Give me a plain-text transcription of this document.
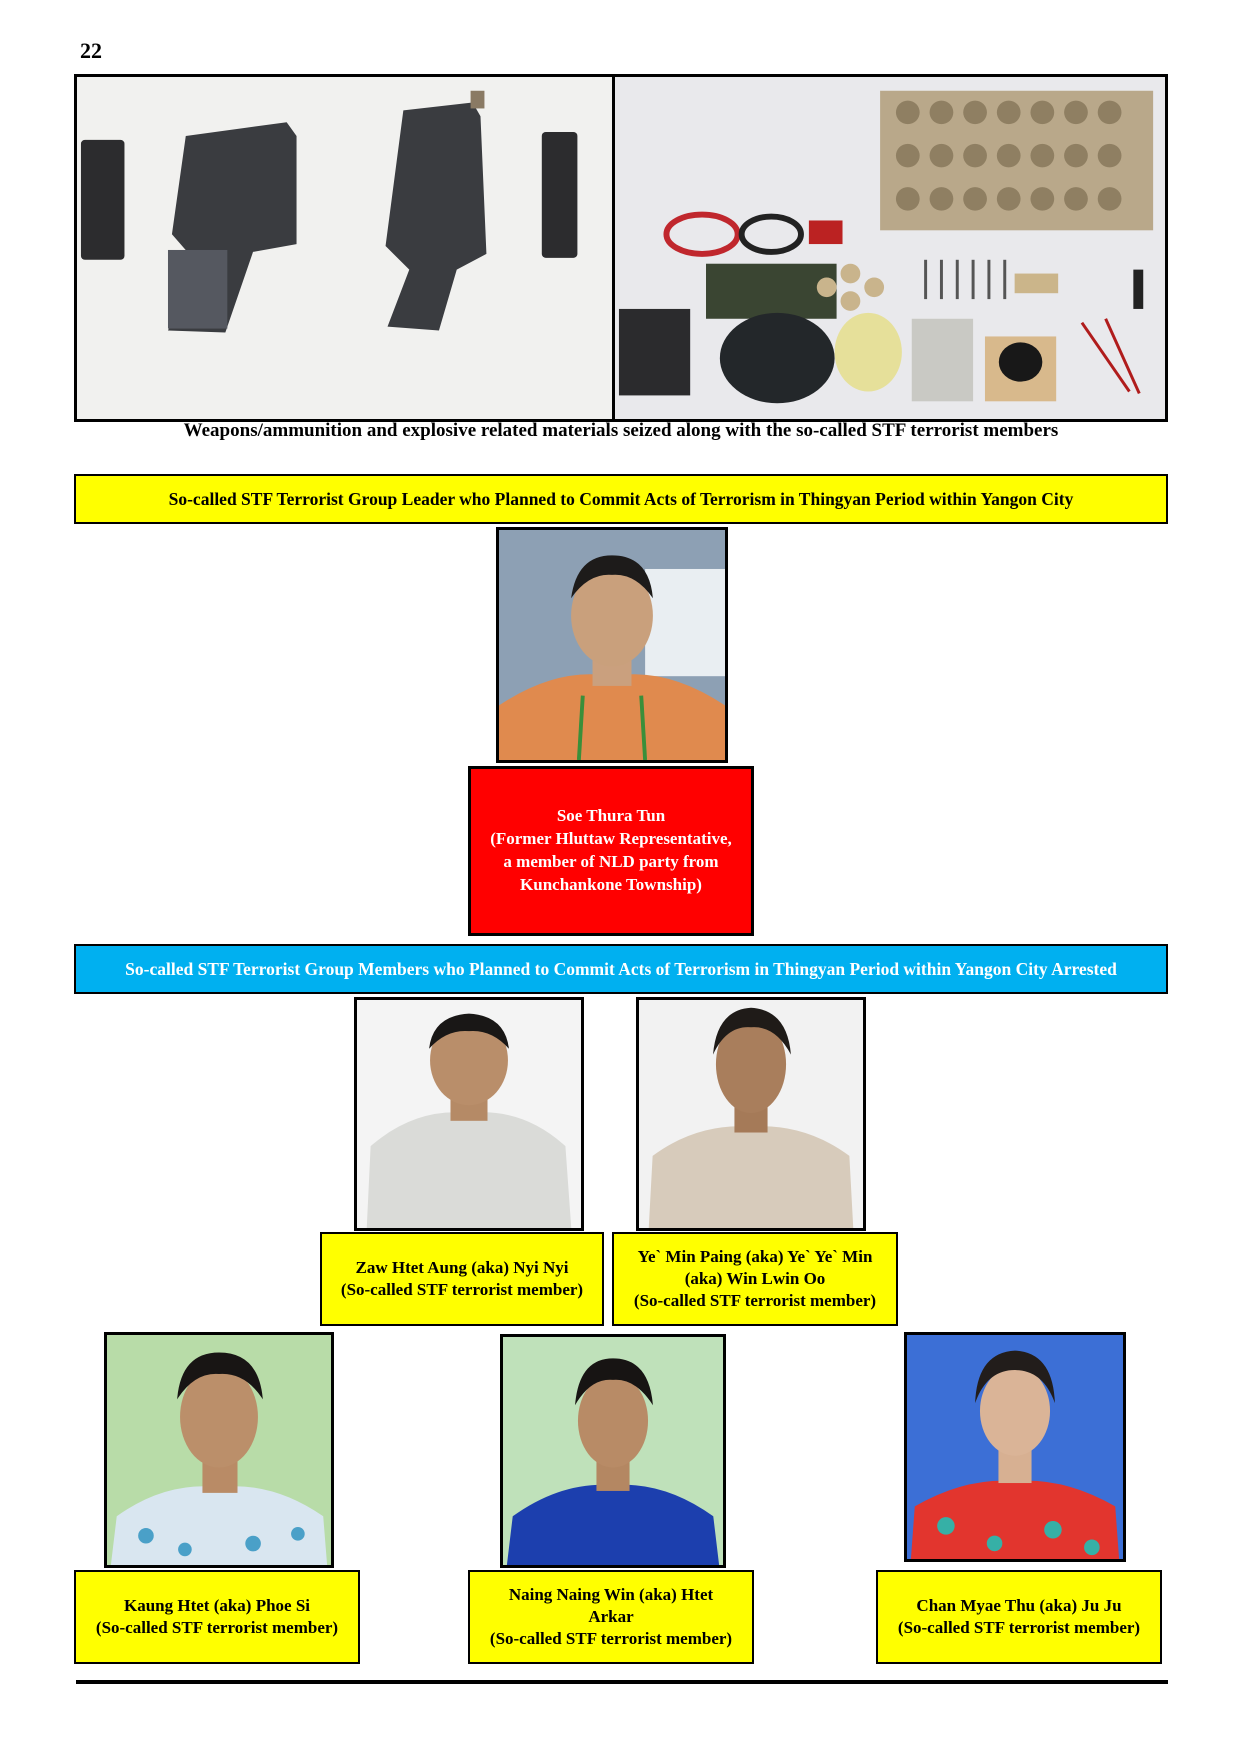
22
Weapons/ammunition and explosive related materials seized along with the so-called STF terrorist members
So-called STF Terrorist Group Leader who Planned to Commit Acts of Terrorism in Thingyan Period within Yangon City
Soe Thura Tun
(Former Hluttaw Representative,
a member of NLD party from
Kunchankone Township)
So-called STF Terrorist Group Members who Planned to Commit Acts of Terrorism in Thingyan Period within Yangon City Arrested
Zaw Htet Aung (aka) Nyi Nyi
(So-called STF terrorist member)
Ye` Min Paing (aka) Ye` Ye` Min
(aka) Win Lwin Oo
(So-called STF terrorist member)
Kaung Htet (aka) Phoe Si
(So-called STF terrorist member)
Naing Naing Win (aka) Htet
Arkar
(So-called STF terrorist member)
Chan Myae Thu (aka) Ju Ju
(So-called STF terrorist member)
